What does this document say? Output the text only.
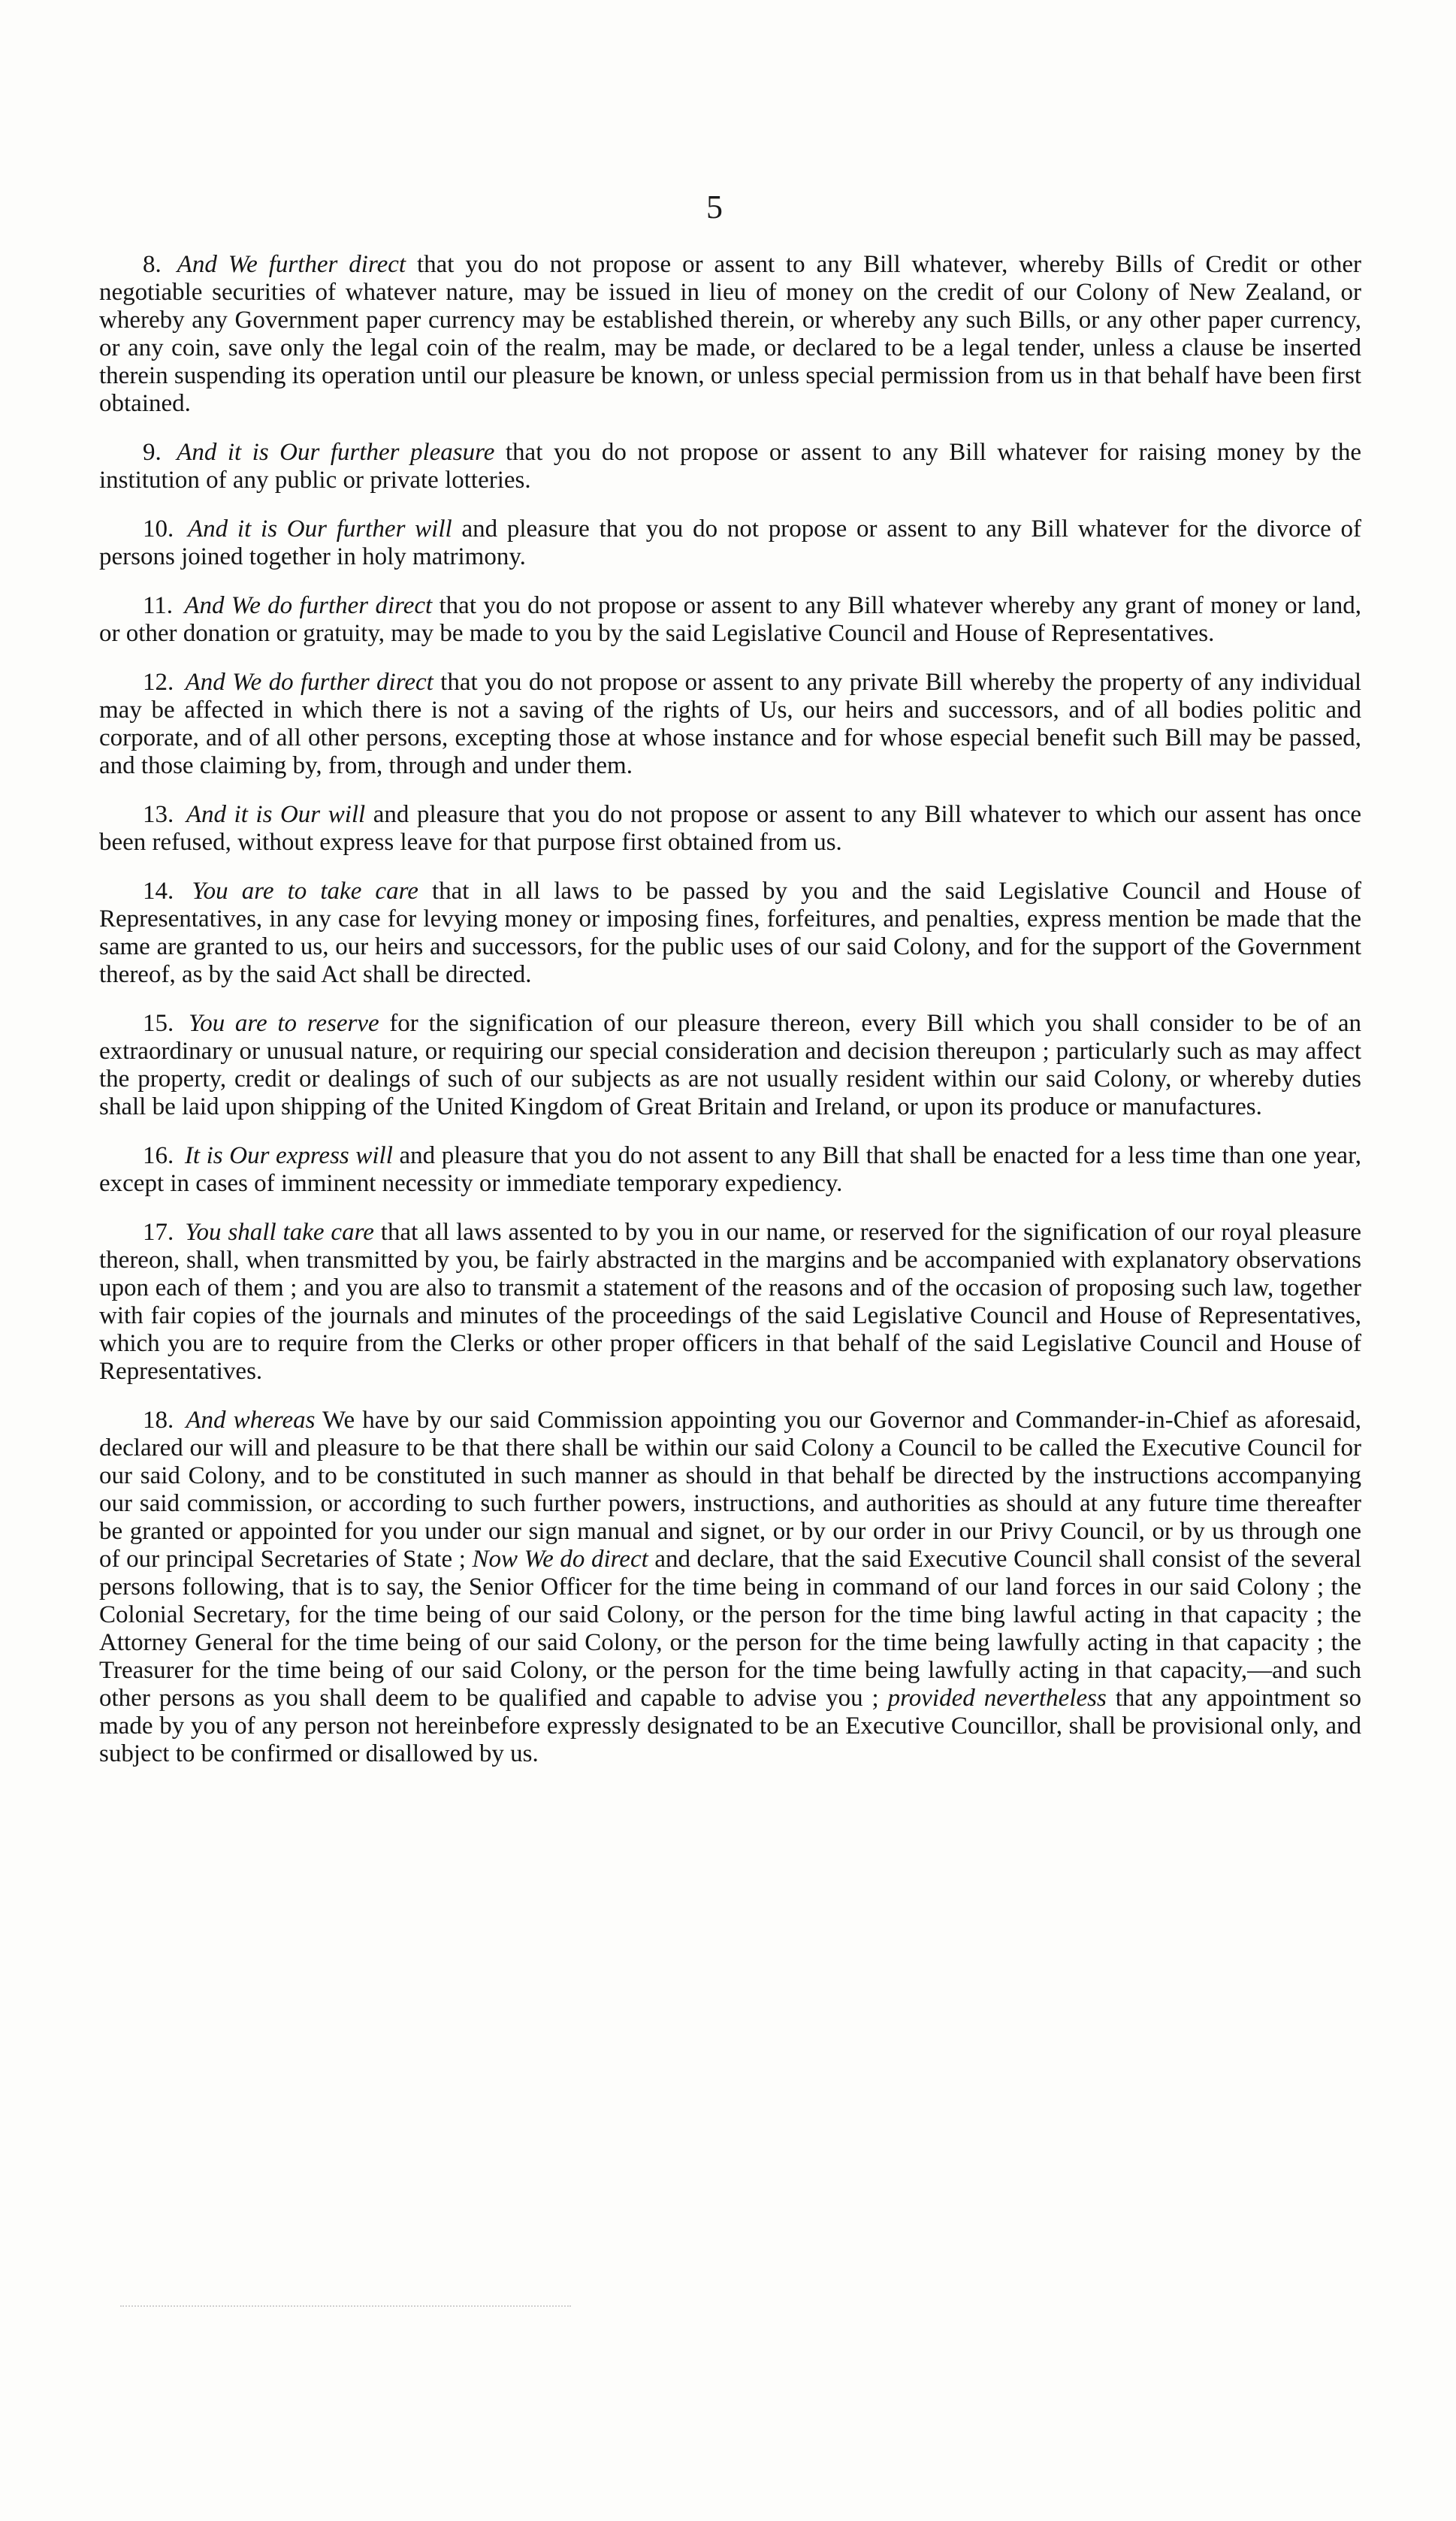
5

8. And We further direct that you do not propose or assent to any Bill whatever, whereby Bills of Credit or other negotiable securities of whatever nature, may be issued in lieu of money on the credit of our Colony of New Zealand, or whereby any Government paper currency may be established therein, or whereby any such Bills, or any other paper currency, or any coin, save only the legal coin of the realm, may be made, or declared to be a legal tender, unless a clause be inserted therein suspending its operation until our pleasure be known, or unless special permission from us in that behalf have been first obtained.

9. And it is Our further pleasure that you do not propose or assent to any Bill whatever for raising money by the institution of any public or private lotteries.

10. And it is Our further will and pleasure that you do not propose or assent to any Bill whatever for the divorce of persons joined together in holy matrimony.

11. And We do further direct that you do not propose or assent to any Bill whatever whereby any grant of money or land, or other donation or gratuity, may be made to you by the said Legislative Council and House of Representatives.

12. And We do further direct that you do not propose or assent to any private Bill whereby the property of any individual may be affected in which there is not a saving of the rights of Us, our heirs and successors, and of all bodies politic and corporate, and of all other persons, excepting those at whose instance and for whose especial benefit such Bill may be passed, and those claiming by, from, through and under them.

13. And it is Our will and pleasure that you do not propose or assent to any Bill whatever to which our assent has once been refused, without express leave for that purpose first obtained from us.

14. You are to take care that in all laws to be passed by you and the said Legislative Council and House of Representatives, in any case for levying money or imposing fines, forfeitures, and penalties, express mention be made that the same are granted to us, our heirs and successors, for the public uses of our said Colony, and for the support of the Government thereof, as by the said Act shall be directed.

15. You are to reserve for the signification of our pleasure thereon, every Bill which you shall consider to be of an extraordinary or unusual nature, or requiring our special consideration and decision thereupon ; particularly such as may affect the property, credit or dealings of such of our subjects as are not usually resident within our said Colony, or whereby duties shall be laid upon shipping of the United Kingdom of Great Britain and Ireland, or upon its produce or manufactures.

16. It is Our express will and pleasure that you do not assent to any Bill that shall be enacted for a less time than one year, except in cases of imminent necessity or immediate temporary expediency.

17. You shall take care that all laws assented to by you in our name, or reserved for the signification of our royal pleasure thereon, shall, when transmitted by you, be fairly abstracted in the margins and be accompanied with explanatory observations upon each of them ; and you are also to transmit a statement of the reasons and of the occasion of proposing such law, together with fair copies of the journals and minutes of the proceedings of the said Legislative Council and House of Representatives, which you are to require from the Clerks or other proper officers in that behalf of the said Legislative Council and House of Representatives.

18. And whereas We have by our said Commission appointing you our Governor and Commander-in-Chief as aforesaid, declared our will and pleasure to be that there shall be within our said Colony a Council to be called the Executive Council for our said Colony, and to be constituted in such manner as should in that behalf be directed by the instructions accompanying our said commission, or according to such further powers, instructions, and authorities as should at any future time thereafter be granted or appointed for you under our sign manual and signet, or by our order in our Privy Council, or by us through one of our principal Secretaries of State ; Now We do direct and declare, that the said Executive Council shall consist of the several persons following, that is to say, the Senior Officer for the time being in command of our land forces in our said Colony ; the Colonial Secretary, for the time being of our said Colony, or the person for the time bing lawful acting in that capacity ; the Attorney General for the time being of our said Colony, or the person for the time being lawfully acting in that capacity ; the Treasurer for the time being of our said Colony, or the person for the time being lawfully acting in that capacity,—and such other persons as you shall deem to be qualified and capable to advise you ; provided nevertheless that any appointment so made by you of any person not hereinbefore expressly designated to be an Executive Councillor, shall be provisional only, and subject to be confirmed or disallowed by us.
